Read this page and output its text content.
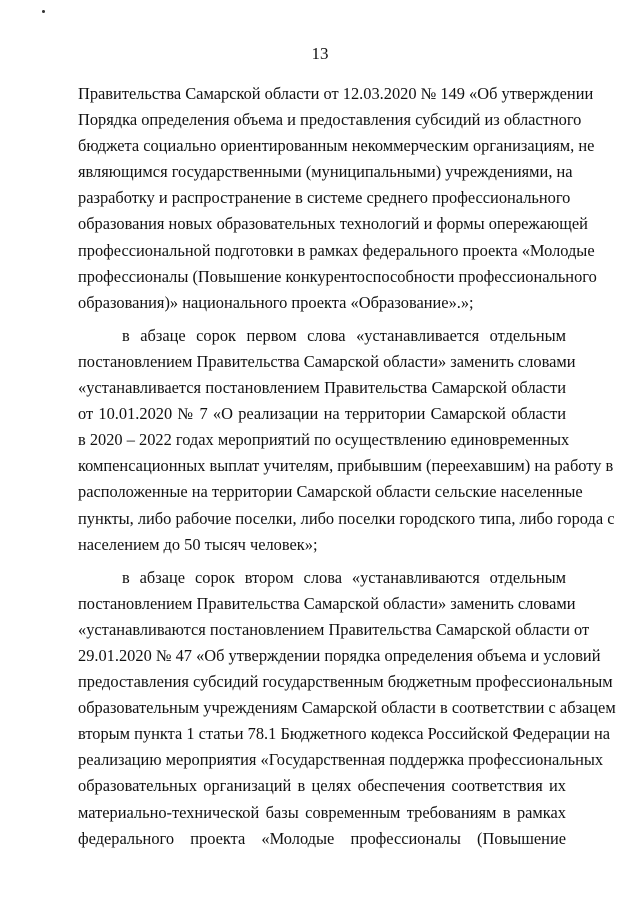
13
Правительства Самарской области от 12.03.2020 № 149 «Об утверждении
Порядка определения объема и предоставления субсидий из областного
бюджета социально ориентированным некоммерческим организациям, не
являющимся государственными (муниципальными) учреждениями, на
разработку и распространение в системе среднего профессионального
образования новых образовательных технологий и формы опережающей
профессиональной подготовки в рамках федерального проекта «Молодые
профессионалы (Повышение конкурентоспособности профессионального
образования)» национального проекта «Образование».»;
в абзаце сорок первом слова «устанавливается отдельным
постановлением Правительства Самарской области» заменить словами
«устанавливается постановлением Правительства Самарской области
от 10.01.2020 № 7 «О реализации на территории Самарской области
в 2020 – 2022 годах мероприятий по осуществлению единовременных
компенсационных выплат учителям, прибывшим (переехавшим) на работу в
расположенные на территории Самарской области сельские населенные
пункты, либо рабочие поселки, либо поселки городского типа, либо города с
населением до 50 тысяч человек»;
в абзаце сорок втором слова «устанавливаются отдельным
постановлением Правительства Самарской области» заменить словами
«устанавливаются постановлением Правительства Самарской области от
29.01.2020 № 47 «Об утверждении порядка определения объема и условий
предоставления субсидий государственным бюджетным профессиональным
образовательным учреждениям Самарской области в соответствии с абзацем
вторым пункта 1 статьи 78.1 Бюджетного кодекса Российской Федерации на
реализацию мероприятия «Государственная поддержка профессиональных
образовательных организаций в целях обеспечения соответствия их
материально-технической базы современным требованиям в рамках
федерального проекта «Молодые профессионалы (Повышение
